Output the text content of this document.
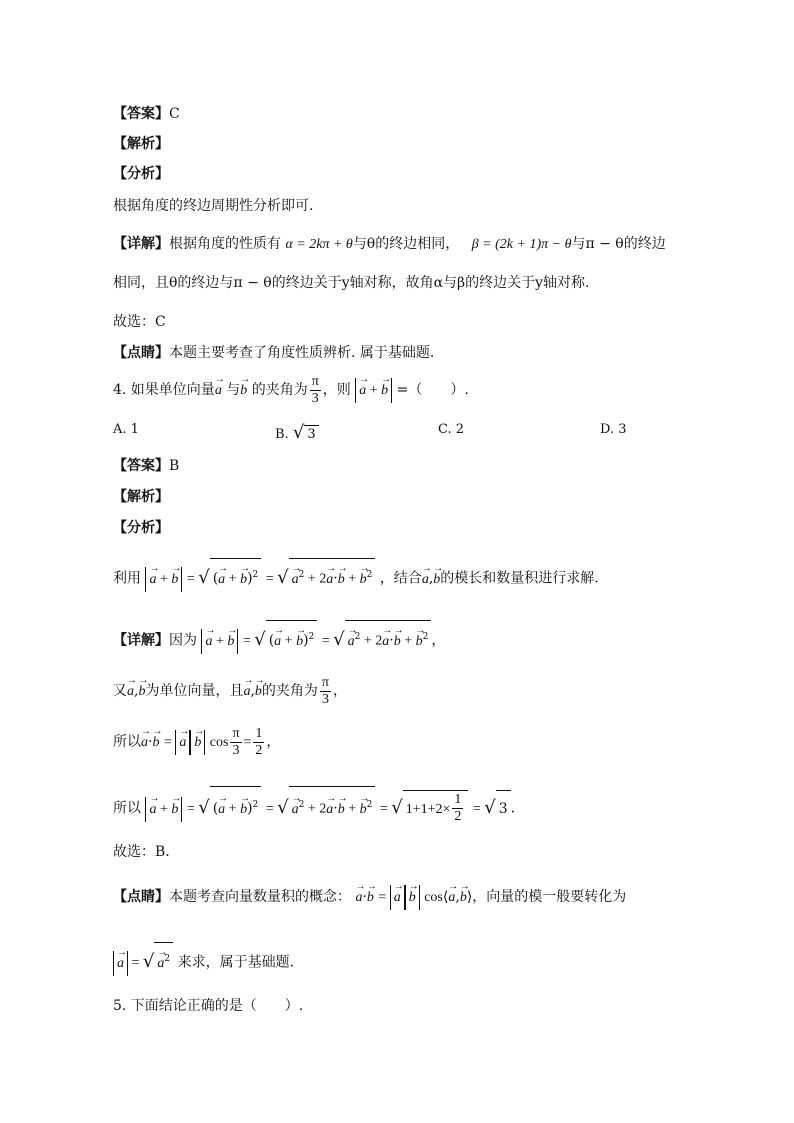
【答案】C
【解析】
【分析】
根据角度的终边周期性分析即可.
【详解】根据角度的性质有 α = 2kπ + θ与θ的终边相同， β = (2k + 1)π − θ与π − θ的终边
相同，且θ的终边与π − θ的终边关于y轴对称，故角α与β的终边关于y轴对称.
故选：C
【点睛】本题主要考查了角度性质辨析. 属于基础题.
4. 如果单位向量→ a 与→ b 的夹角为 $\frac{\pi}{3}$ ，则 → a + → b =（　　）.
A. 1	B. √ 3	C. 2	D. 3
【答案】B
【解析】
【分析】
利用 → a + → b = √ (→ a + → b)$^2$ = √ → $a^2 + 2\to a\cdot\to b$ + → $b^2$ ，结合→ a,→ b的模长和数量积进行求解.
【详解】因为 → a + → b = √ (→ a + → b)$^2$ = √ → $a^2 + 2\to a\cdot\to b$ + → $b^2$ ，
又→ a,→ b为单位向量，且→ a,→ b的夹角为 $\frac{\pi}{3}$ ，
所以→ a·→ b = → a → b $\cos \frac{\pi}{3} = \frac{1}{2}$ ，
所以 → a + → b = √ (→ a + → b)$^2$ = √ → $a^2 + 2\to a\cdot\to b$ + → $b^2$ = √ $1+1+2\times \frac{1}{2}$ = √ 3 .
故选：B.
【点睛】本题考查向量数量积的概念： → a·→ b = → a → b cos⟨→ a,→ b⟩，向量的模一般要转化为
→ a = √ → $a^2$ 来求，属于基础题.
5. 下面结论正确的是（　　）.
